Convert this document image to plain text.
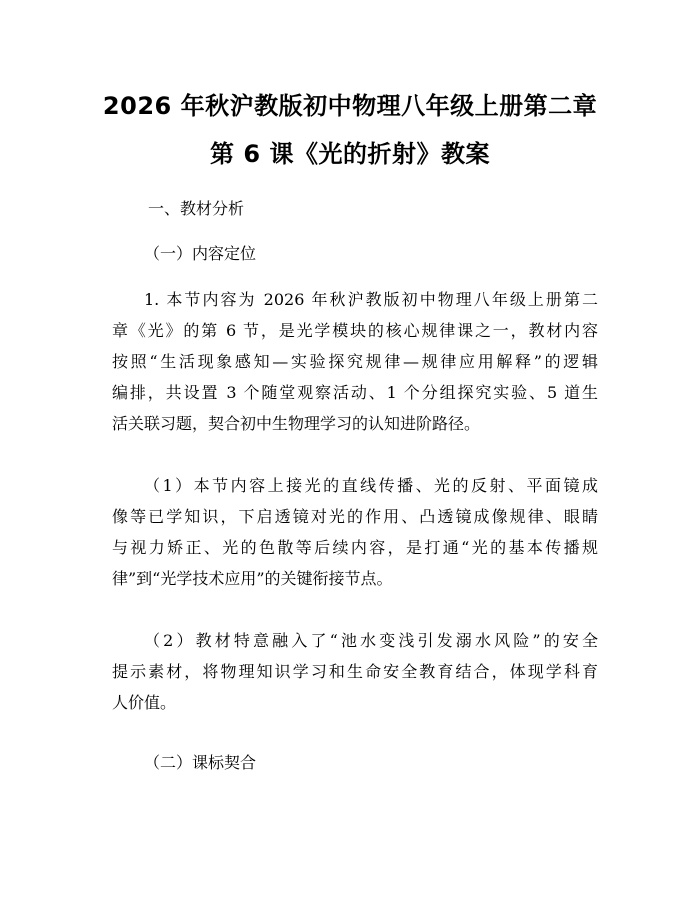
2026 年秋沪教版初中物理八年级上册第二章
第 6 课《光的折射》教案
一、教材分析
（一）内容定位
1. 本节内容为 2026 年秋沪教版初中物理八年级上册第二
章《光》的第 6 节，是光学模块的核心规律课之一，教材内容
按照“生活现象感知—实验探究规律—规律应用解释”的逻辑
编排，共设置 3 个随堂观察活动、1 个分组探究实验、5 道生
活关联习题，契合初中生物理学习的认知进阶路径。
（1）本节内容上接光的直线传播、光的反射、平面镜成
像等已学知识，下启透镜对光的作用、凸透镜成像规律、眼睛
与视力矫正、光的色散等后续内容，是打通“光的基本传播规
律”到“光学技术应用”的关键衔接节点。
（2）教材特意融入了“池水变浅引发溺水风险”的安全
提示素材，将物理知识学习和生命安全教育结合，体现学科育
人价值。
（二）课标契合
